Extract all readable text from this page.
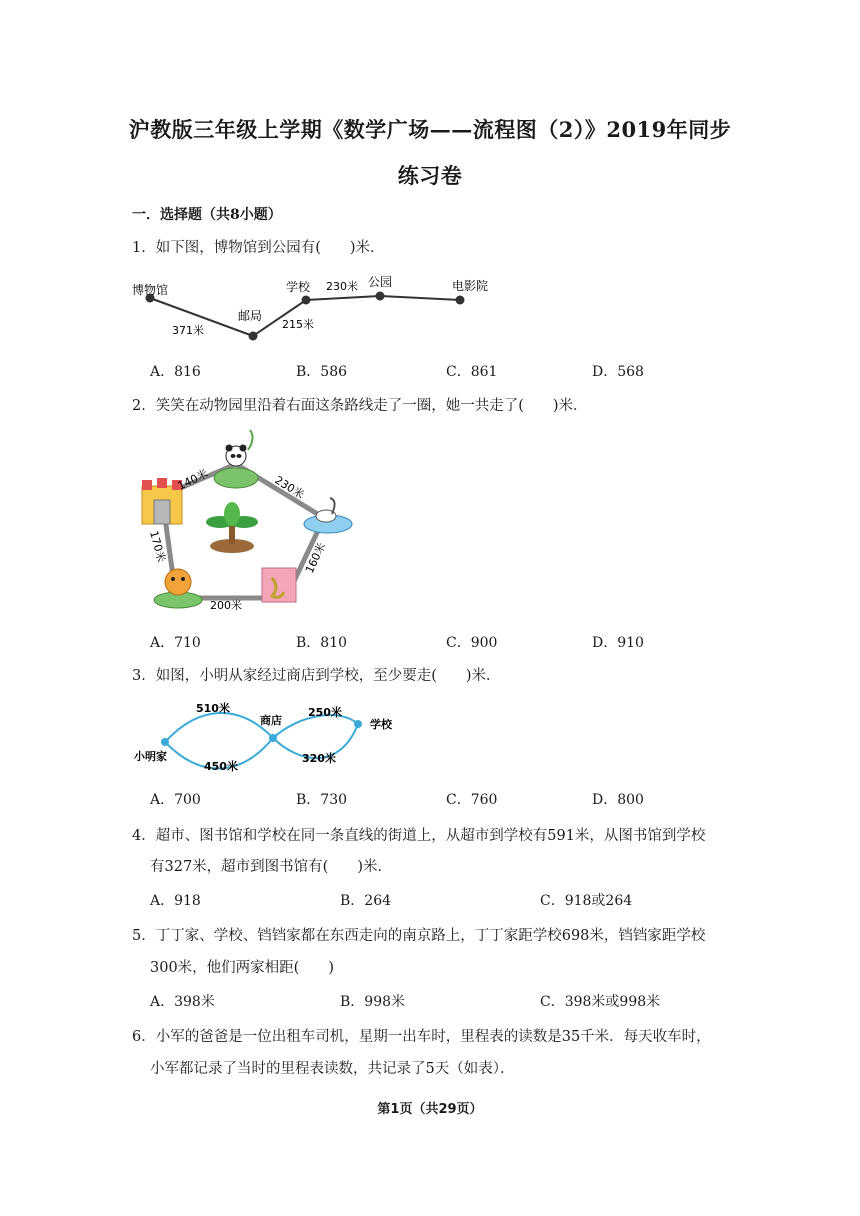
沪教版三年级上学期《数学广场——流程图（2）》2019年同步
练习卷
一．选择题（共8小题）
1．如下图，博物馆到公园有(　　)米．
博物馆
邮局
学校	公园	电影院
371米	215米
230米
A．816	B．586	C．861	D．568
2．笑笑在动物园里沿着右面这条路线走了一圈，她一共走了(　　)米．
140米	230米
160米
200米
170米
A．710	B．810	C．900	D．910
3．如图，小明从家经过商店到学校，至少要走(　　)米．
小明家
商店	学校
510米
450米
250米
320米
A．700	B．730	C．760	D．800
4．超市、图书馆和学校在同一条直线的街道上，从超市到学校有591米，从图书馆到学校
有327米，超市到图书馆有(　　)米．
A．918	B．264	C．918或264
5．丁丁家、学校、铛铛家都在东西走向的南京路上，丁丁家距学校698米，铛铛家距学校
300米，他们两家相距(　　)
A．398米	B．998米	C．398米或998米
6．小军的爸爸是一位出租车司机，星期一出车时，里程表的读数是35千米．每天收车时，
小军都记录了当时的里程表读数，共记录了5天（如表）．
第1页（共29页）
